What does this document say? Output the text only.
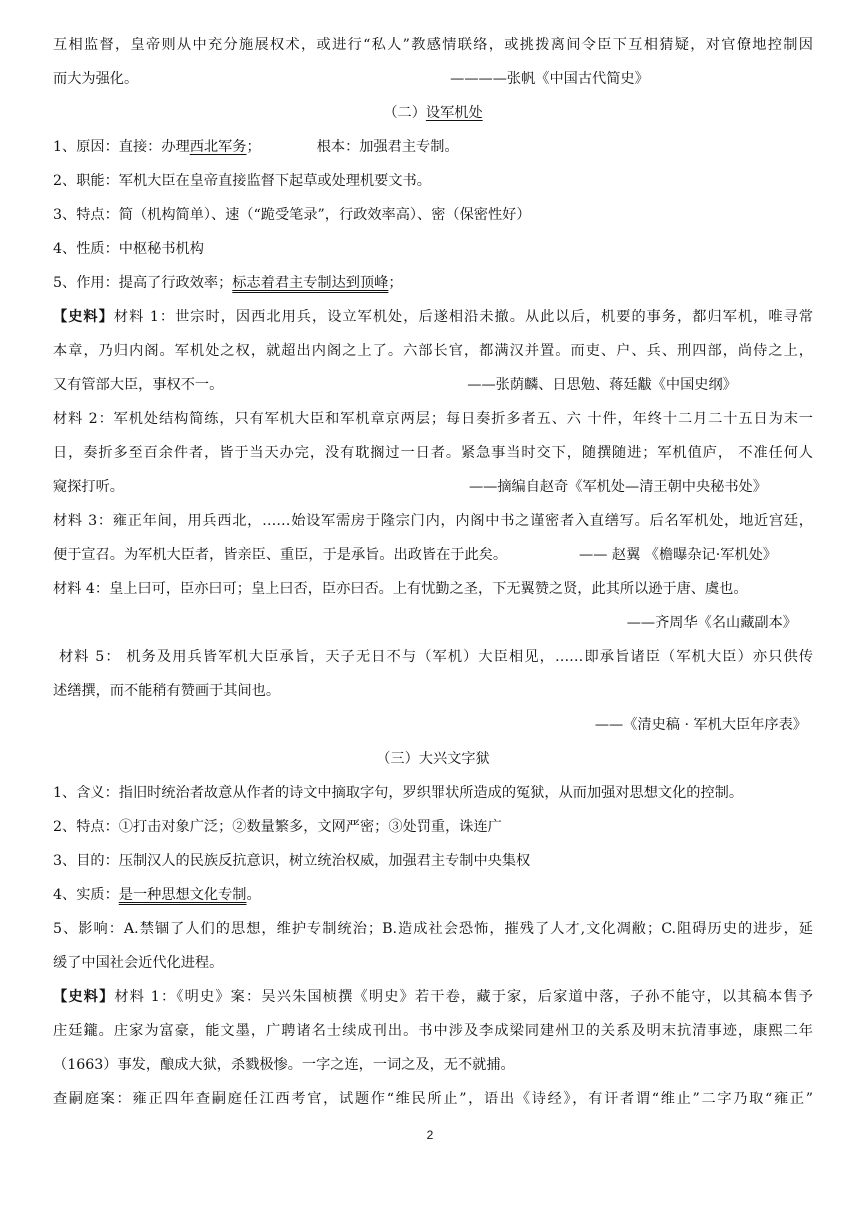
互相监督，皇帝则从中充分施展权术，或进行“私人”教感情联络，或挑拨离间令臣下互相猜疑，对官僚地控制因
而大为强化。	————张帆《中国古代简史》
（二）设军机处
1、原因：直接：办理西北军务；	根本：加强君主专制。
2、职能：军机大臣在皇帝直接监督下起草或处理机要文书。
3、特点：简（机构简单）、速（“跪受笔录”，行政效率高）、密（保密性好）
4、性质：中枢秘书机构
5、作用：提高了行政效率；标志着君主专制达到顶峰；
【史料】材料 1：世宗时，因西北用兵，设立军机处，后遂相沿未撤。从此以后，机要的事务，都归军机，唯寻常
本章，乃归内阁。军机处之权，就超出内阁之上了。六部长官，都满汉并置。而吏、户、兵、刑四部，尚侍之上，
又有管部大臣，事权不一。	——张荫麟、日思勉、蒋廷黻《中国史纲》
材料 2：军机处结构简练，只有军机大臣和军机章京两层；每日奏折多者五、六 十件，年终十二月二十五日为末一
日，奏折多至百余件者，皆于当天办完，没有耽搁过一日者。紧急事当时交下，随撰随进；军机值庐， 不准任何人
窥探打听。	——摘编自赵奇《军机处—清王朝中央秘书处》
材料 3：雍正年间，用兵西北，……始设军需房于隆宗门内，内阁中书之谨密者入直缮写。后名军机处，地近宫廷，
便于宣召。为军机大臣者，皆亲臣、重臣，于是承旨。出政皆在于此矣。	—— 赵翼 《檐曝杂记·军机处》
材料 4：皇上曰可，臣亦曰可；皇上曰否，臣亦曰否。上有忧勤之圣，下无翼赞之贤，此其所以逊于唐、虞也。
——齐周华《名山藏副本》
材料 5： 机务及用兵皆军机大臣承旨，天子无日不与（军机）大臣相见，……即承旨诸臣（军机大臣）亦只供传
述缮撰，而不能稍有赞画于其间也。
——《清史稿 · 军机大臣年序表》
（三）大兴文字狱
1、含义：指旧时统治者故意从作者的诗文中摘取字句，罗织罪状所造成的冤狱，从而加强对思想文化的控制。
2、特点：①打击对象广泛；②数量繁多，文网严密；③处罚重，诛连广
3、目的：压制汉人的民族反抗意识，树立统治权威，加强君主专制中央集权
4、实质：是一种思想文化专制。
5、影响：A.禁锢了人们的思想，维护专制统治；B.造成社会恐怖，摧残了人才,文化凋敝；C.阻碍历史的进步，延
缓了中国社会近代化进程。
【史料】材料 1：《明史》案：吴兴朱国桢撰《明史》若干卷，藏于家，后家道中落，子孙不能守，以其稿本售予
庄廷鑨。庄家为富豪，能文墨，广聘诸名士续成刊出。书中涉及李成梁同建州卫的关系及明末抗清事迹，康熙二年
（1663）事发，酿成大狱，杀戮极惨。一字之连，一词之及，无不就捕。
查嗣庭案：雍正四年查嗣庭任江西考官，试题作“维民所止”，语出《诗经》，有讦者谓“维止”二字乃取“雍正”
2
